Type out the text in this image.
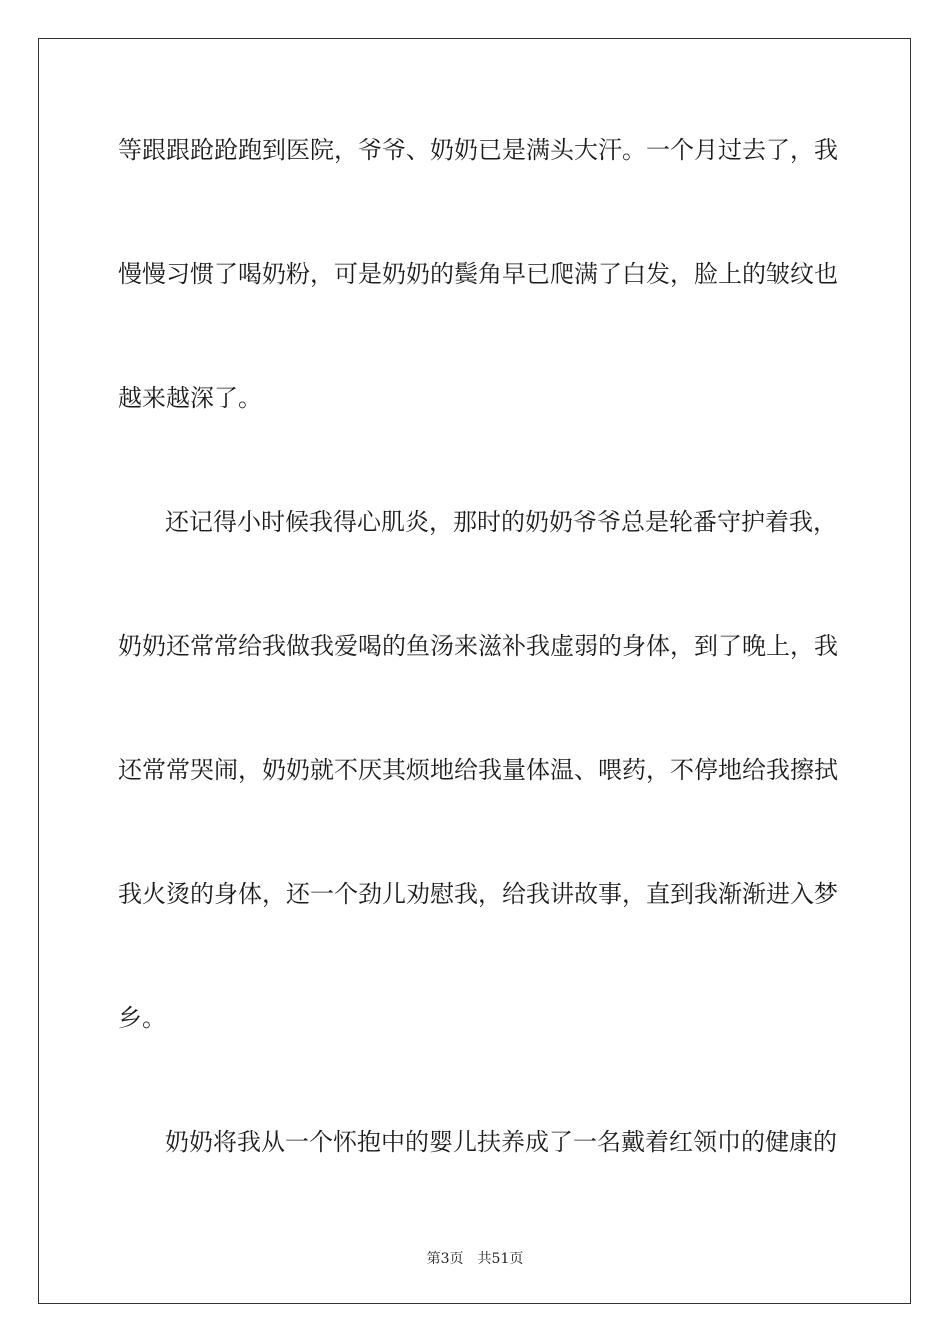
等跟跟跄跄跑到医院，爷爷、奶奶已是满头大汗。一个月过去了，我
慢慢习惯了喝奶粉，可是奶奶的鬓角早已爬满了白发，脸上的皱纹也
越来越深了。
还记得小时候我得心肌炎，那时的奶奶爷爷总是轮番守护着我，
奶奶还常常给我做我爱喝的鱼汤来滋补我虚弱的身体，到了晚上，我
还常常哭闹，奶奶就不厌其烦地给我量体温、喂药，不停地给我擦拭
我火烫的身体，还一个劲儿劝慰我，给我讲故事，直到我渐渐进入梦
乡。
奶奶将我从一个怀抱中的婴儿扶养成了一名戴着红领巾的健康的
第3页　共51页
